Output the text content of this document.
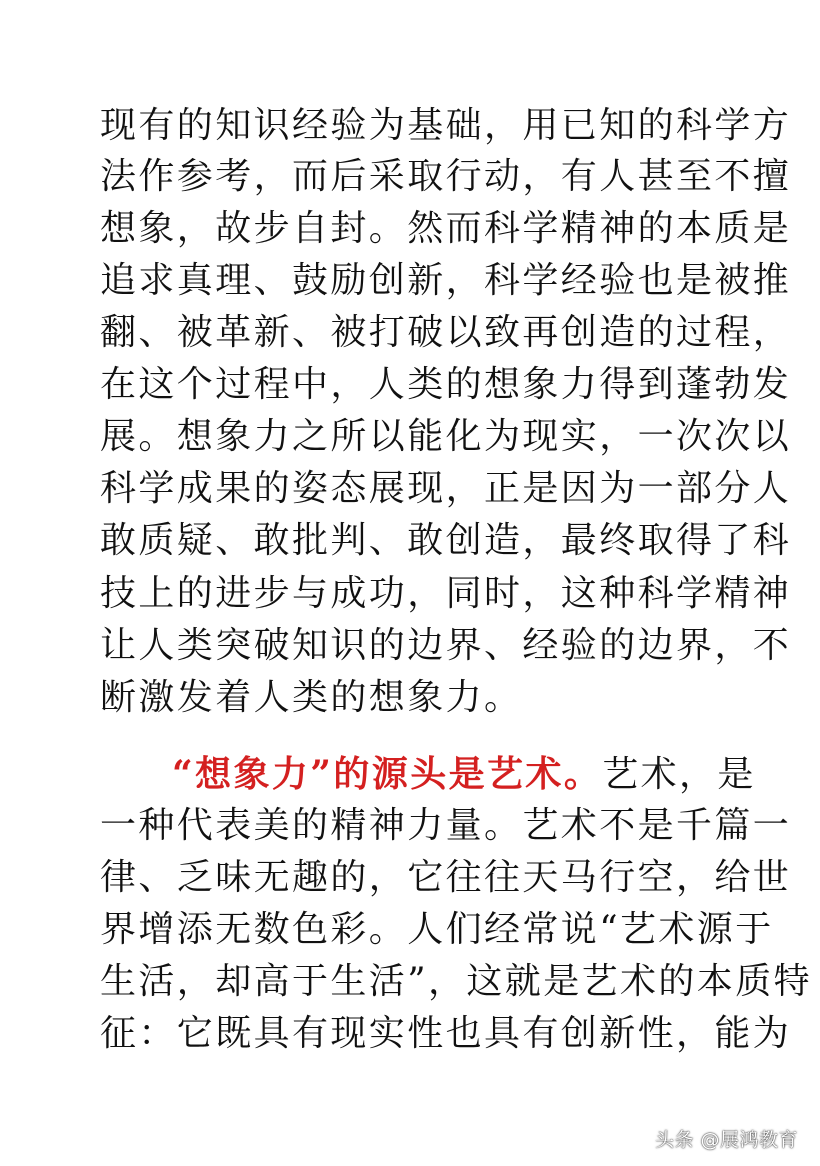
现有的知识经验为基础，用已知的科学方
法作参考，而后采取行动，有人甚至不擅
想象，故步自封。然而科学精神的本质是
追求真理、鼓励创新，科学经验也是被推
翻、被革新、被打破以致再创造的过程，
在这个过程中，人类的想象力得到蓬勃发
展。想象力之所以能化为现实，一次次以
科学成果的姿态展现，正是因为一部分人
敢质疑、敢批判、敢创造，最终取得了科
技上的进步与成功，同时，这种科学精神
让人类突破知识的边界、经验的边界，不
断激发着人类的想象力。
“想象力”的源头是艺术。艺术，是
一种代表美的精神力量。艺术不是千篇一
律、乏味无趣的，它往往天马行空，给世
界增添无数色彩。人们经常说“艺术源于
生活，却高于生活”，这就是艺术的本质特
征：它既具有现实性也具有创新性，能为
头条 @展鸿教育
